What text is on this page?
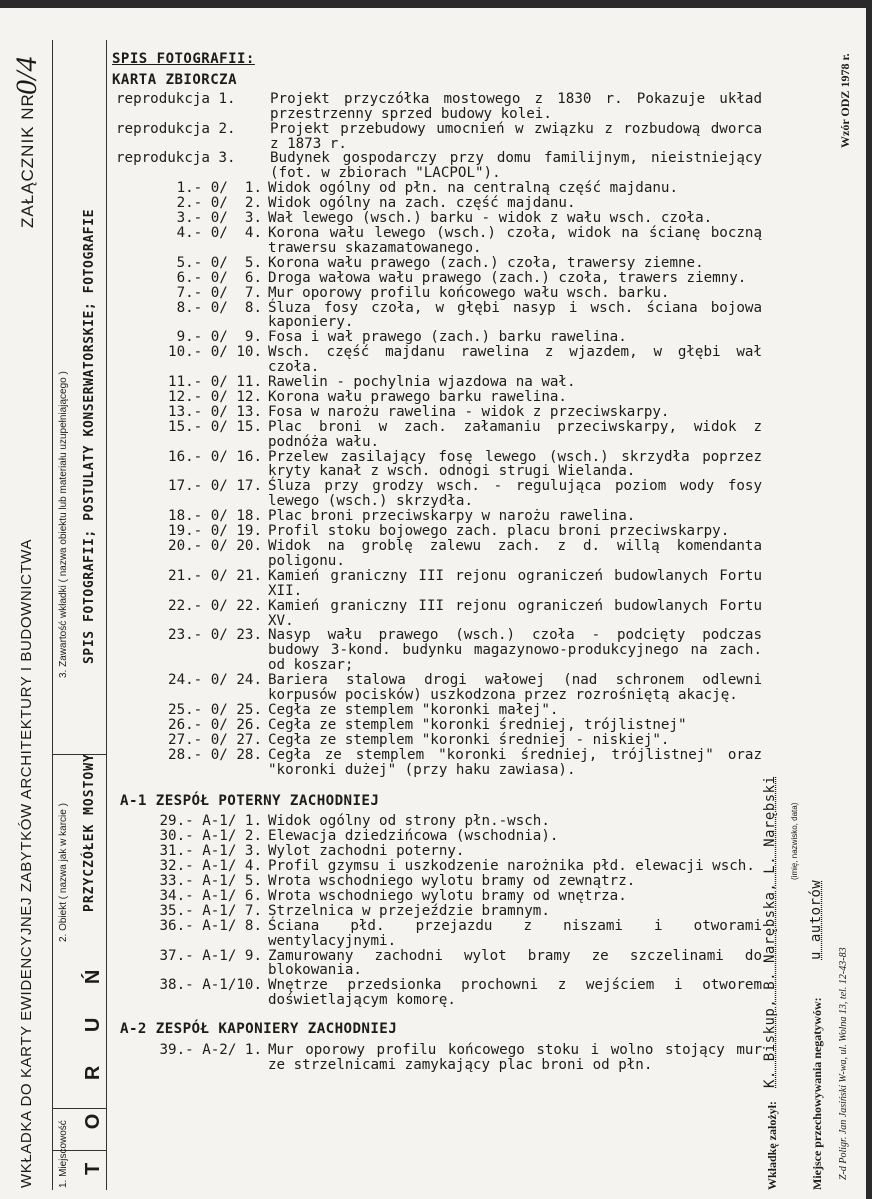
WKŁADKA DO KARTY EWIDENCYJNEJ ZABYTKÓW ARCHITEKTURY I BUDOWNICTWA
ZAŁĄCZNIK NR
0/4
1. Miejscowość T O R U Ń
2. Obiekt ( nazwa jak w karcie ) PRZYCZÓŁEK MOSTOWY
3. Zawartość wkładki ( nazwa obiektu lub materiału uzupełniającego ) SPIS FOTOGRAFII; POSTULATY KONSERWATORSKIE; FOTOGRAFIE
Wzór ODZ 1978 r.
Wkładkę założył:
K. Biskup, B. Narębska, L. Narębski (imię, nazwisko, data)
Miejsce przechowywania negatywów:
u autorów
Z-d Poligr. Jan Jasiński W-wa, ul. Wolna 13, tel. 12-43-83
SPIS FOTOGRAFII:
KARTA ZBIORCZA
reprodukcja 1.	Projekt przyczółka mostowego z 1830 r. Pokazuje układ przestrzenny sprzed budowy kolei.
reprodukcja 2.	Projekt przebudowy umocnień w związku z rozbudową dworca z 1873 r.
reprodukcja 3.	Budynek gospodarczy przy domu familijnym, nieistniejący (fot. w zbiorach "LACPOL").
1.- 0/  1. Widok ogólny od płn. na centralną część majdanu.
2.- 0/  2. Widok ogólny na zach. część majdanu.
3.- 0/  3. Wał lewego (wsch.) barku - widok z wału wsch. czoła.
4.- 0/  4. Korona wału lewego (wsch.) czoła, widok na ścianę boczną trawersu skazamatowanego.
5.- 0/  5. Korona wału prawego (zach.) czoła, trawersy ziemne.
6.- 0/  6. Droga wałowa wału prawego (zach.) czoła, trawers ziemny.
7.- 0/  7. Mur oporowy profilu końcowego wału wsch. barku.
8.- 0/  8. Śluza fosy czoła, w głębi nasyp i wsch. ściana bojowa kaponiery.
9.- 0/  9. Fosa i wał prawego (zach.) barku rawelina.
10.- 0/ 10. Wsch. część majdanu rawelina z wjazdem, w głębi wał czoła.
11.- 0/ 11. Rawelin - pochylnia wjazdowa na wał.
12.- 0/ 12. Korona wału prawego barku rawelina.
13.- 0/ 13. Fosa w narożu rawelina - widok z przeciwskarpy.
15.- 0/ 15. Plac broni w zach. załamaniu przeciwskarpy, widok z podnóża wału.
16.- 0/ 16. Przelew zasilający fosę lewego (wsch.) skrzydła poprzez kryty kanał z wsch. odnogi strugi Wielanda.
17.- 0/ 17. Śluza przy grodzy wsch. - regulująca poziom wody fosy lewego (wsch.) skrzydła.
18.- 0/ 18. Plac broni przeciwskarpy w narożu rawelina.
19.- 0/ 19. Profil stoku bojowego zach. placu broni przeciwskarpy.
20.- 0/ 20. Widok na groblę zalewu zach. z d. willą komendanta poligonu.
21.- 0/ 21. Kamień graniczny III rejonu ograniczeń budowlanych Fortu XII.
22.- 0/ 22. Kamień graniczny III rejonu ograniczeń budowlanych Fortu XV.
23.- 0/ 23. Nasyp wału prawego (wsch.) czoła - podcięty podczas budowy 3-kond. budynku magazynowo-produkcyjnego na zach. od koszar;
24.- 0/ 24. Bariera stalowa drogi wałowej (nad schronem odlewni korpusów pocisków) uszkodzona przez rozrośniętą akację.
25.- 0/ 25. Cegła ze stemplem "koronki małej".
26.- 0/ 26. Cegła ze stemplem "koronki średniej, trójlistnej"
27.- 0/ 27. Cegła ze stemplem "koronki średniej - niskiej".
28.- 0/ 28. Cegła ze stemplem "koronki średniej, trójlistnej" oraz "koronki dużej" (przy haku zawiasa).
A-1 ZESPÓŁ POTERNY ZACHODNIEJ
29.- A-1/ 1. Widok ogólny od strony płn.-wsch.
30.- A-1/ 2. Elewacja dziedzińcowa (wschodnia).
31.- A-1/ 3. Wylot zachodni poterny.
32.- A-1/ 4. Profil gzymsu i uszkodzenie narożnika płd. elewacji wsch.
33.- A-1/ 5. Wrota wschodniego wylotu bramy od zewnątrz.
34.- A-1/ 6. Wrota wschodniego wylotu bramy od wnętrza.
35.- A-1/ 7. Strzelnica w przejeździe bramnym.
36.- A-1/ 8. Ściana płd. przejazdu z niszami i otworami wentylacyjnymi.
37.- A-1/ 9. Zamurowany zachodni wylot bramy ze szczelinami do blokowania.
38.- A-1/10. Wnętrze przedsionka prochowni z wejściem i otworem doświetlającym komorę.
A-2 ZESPÓŁ KAPONIERY ZACHODNIEJ
39.- A-2/ 1. Mur oporowy profilu końcowego stoku i wolno stojący mur ze strzelnicami zamykający plac broni od płn.
